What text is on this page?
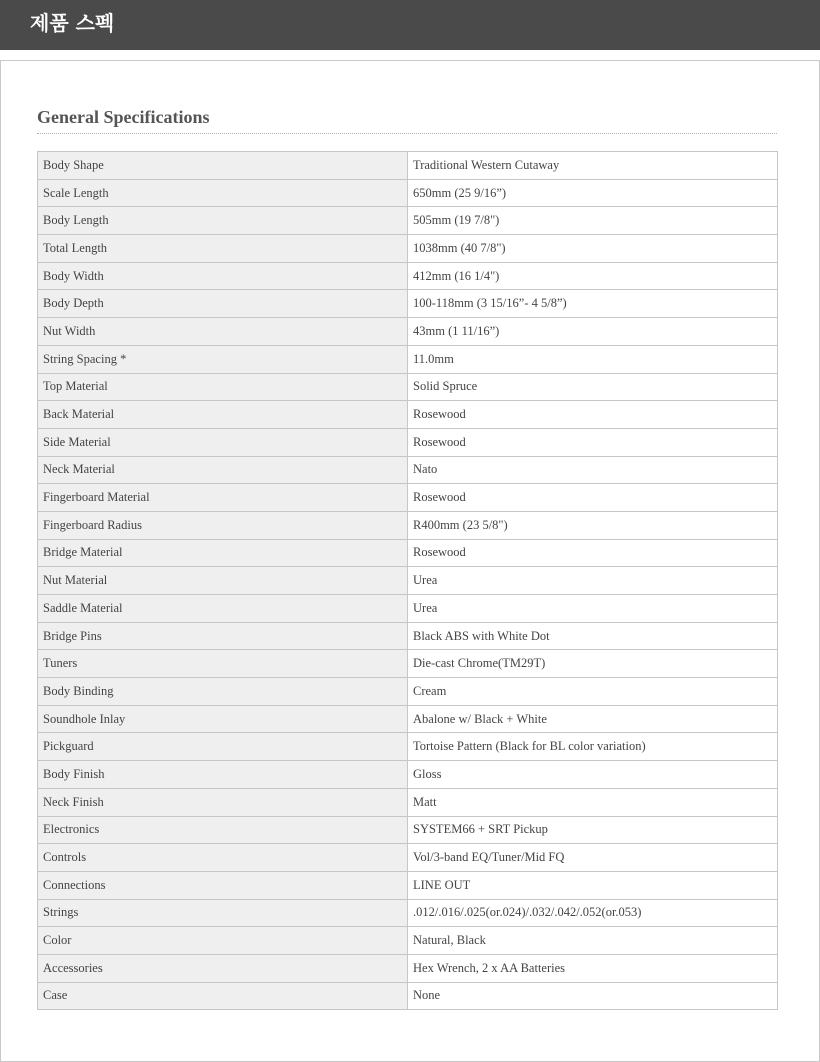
제품 스펙
General Specifications
Body Shape	Traditional Western Cutaway
Scale Length	650mm (25 9/16”)
Body Length	505mm (19 7/8")
Total Length	1038mm (40 7/8")
Body Width	412mm (16 1/4")
Body Depth	100-118mm (3 15/16”- 4 5/8”)
Nut Width	43mm (1 11/16”)
String Spacing *	11.0mm
Top Material	Solid Spruce
Back Material	Rosewood
Side Material	Rosewood
Neck Material	Nato
Fingerboard Material	Rosewood
Fingerboard Radius	R400mm (23 5/8")
Bridge Material	Rosewood
Nut Material	Urea
Saddle Material	Urea
Bridge Pins	Black ABS with White Dot
Tuners	Die-cast Chrome(TM29T)
Body Binding	Cream
Soundhole Inlay	Abalone w/ Black + White
Pickguard	Tortoise Pattern (Black for BL color variation)
Body Finish	Gloss
Neck Finish	Matt
Electronics	SYSTEM66 + SRT Pickup
Controls	Vol/3-band EQ/Tuner/Mid FQ
Connections	LINE OUT
Strings	.012/.016/.025(or.024)/.032/.042/.052(or.053)
Color	Natural, Black
Accessories	Hex Wrench, 2 x AA Batteries
Case	None
